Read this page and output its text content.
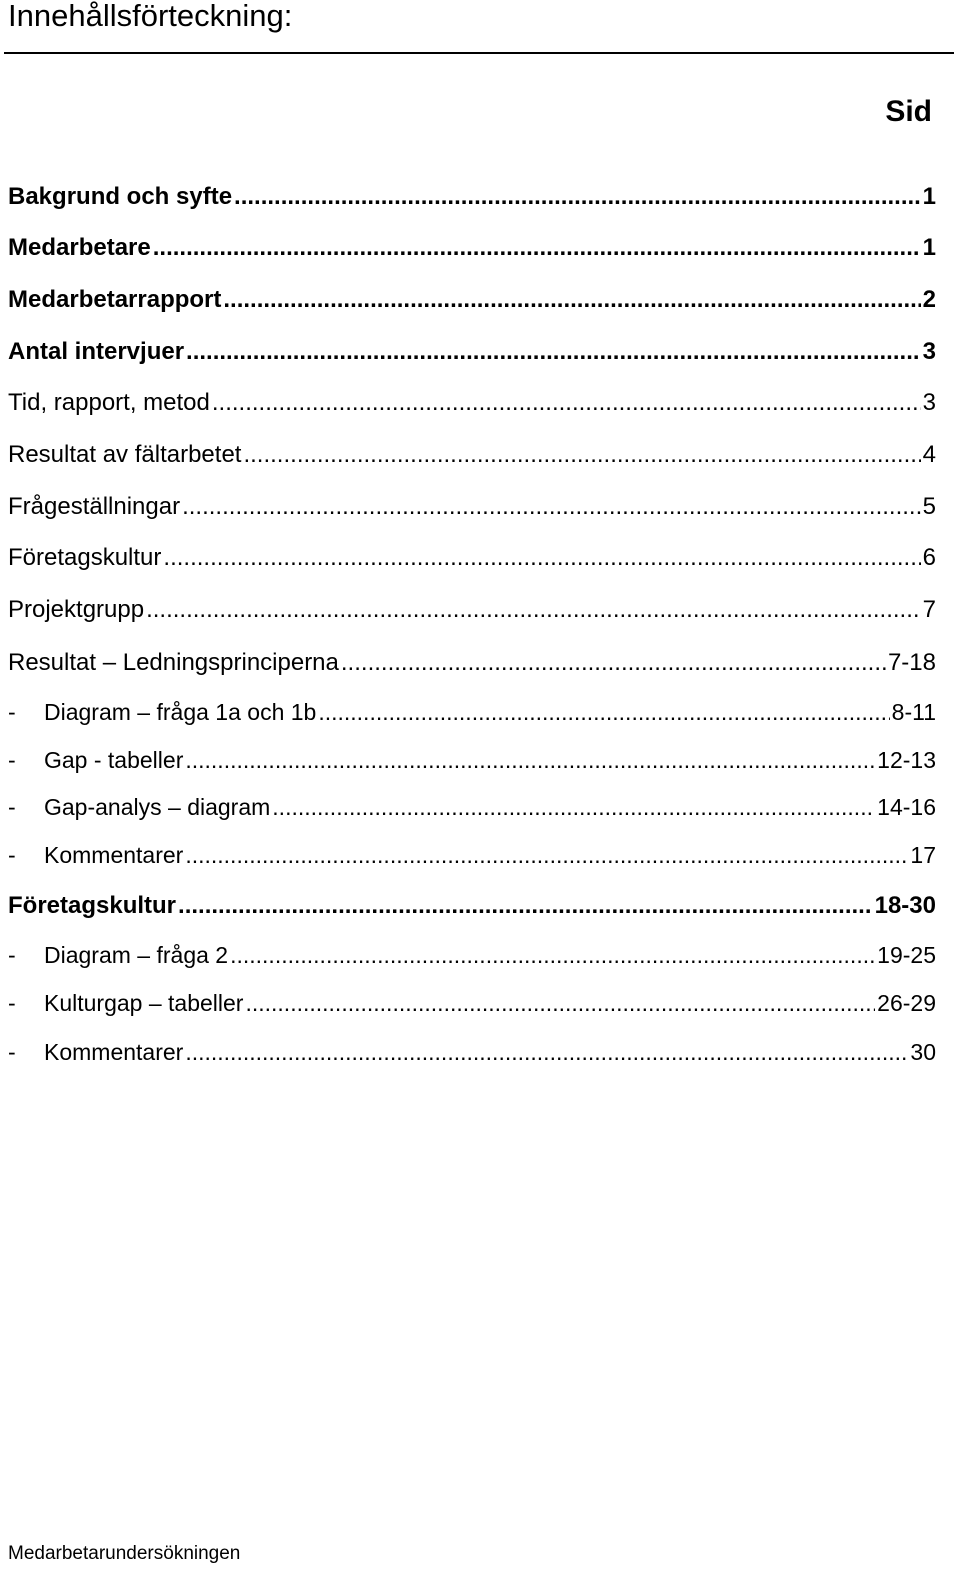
Innehållsförteckning:
Sid
Bakgrund och syfte .....	1
Medarbetare .....	1
Medarbetarrapport .....	2
Antal intervjuer .....	3
Tid, rapport, metod .....	3
Resultat av fältarbetet .....	4
Frågeställningar .....	5
Företagskultur .....	6
Projektgrupp .....	7
Resultat – Ledningsprinciperna .....	7-18
-	Diagram – fråga 1a och 1b .....	8-11
-	Gap - tabeller .....	12-13
-	Gap-analys – diagram .....	14-16
-	Kommentarer .....	17
Företagskultur .....	18-30
-	Diagram – fråga 2 .....	19-25
-	Kulturgap – tabeller .....	26-29
-	Kommentarer .....	30
Medarbetarundersökningen
